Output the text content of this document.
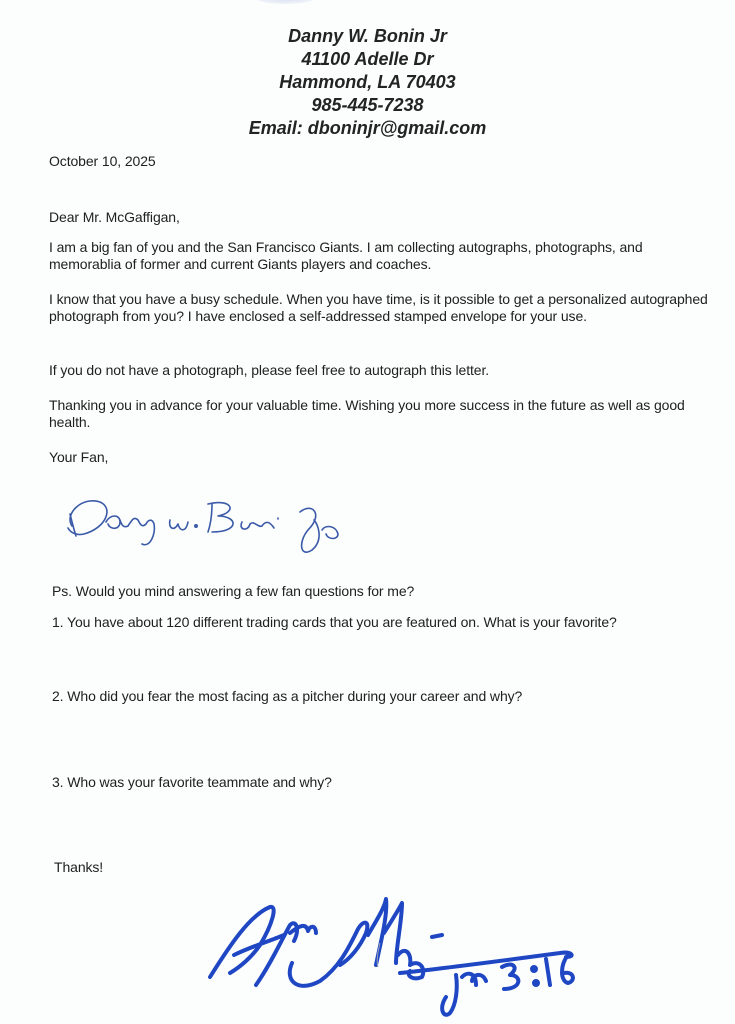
Danny W. Bonin Jr
41100 Adelle Dr
Hammond, LA 70403
985-445-7238
Email: dboninjr@gmail.com
October 10, 2025
Dear Mr. McGaffigan,
I am a big fan of you and the San Francisco Giants. I am collecting autographs, photographs, and memorablia of former and current Giants players and coaches.
I know that you have a busy schedule. When you have time, is it possible to get a personalized autographed photograph from you? I have enclosed a self-addressed stamped envelope for your use.
If you do not have a photograph, please feel free to autograph this letter.
Thanking you in advance for your valuable time. Wishing you more success in the future as well as good health.
Your Fan,
Ps. Would you mind answering a few fan questions for me?
1. You have about 120 different trading cards that you are featured on. What is your favorite?
2. Who did you fear the most facing as a pitcher during your career and why?
3. Who was your favorite teammate and why?
Thanks!
